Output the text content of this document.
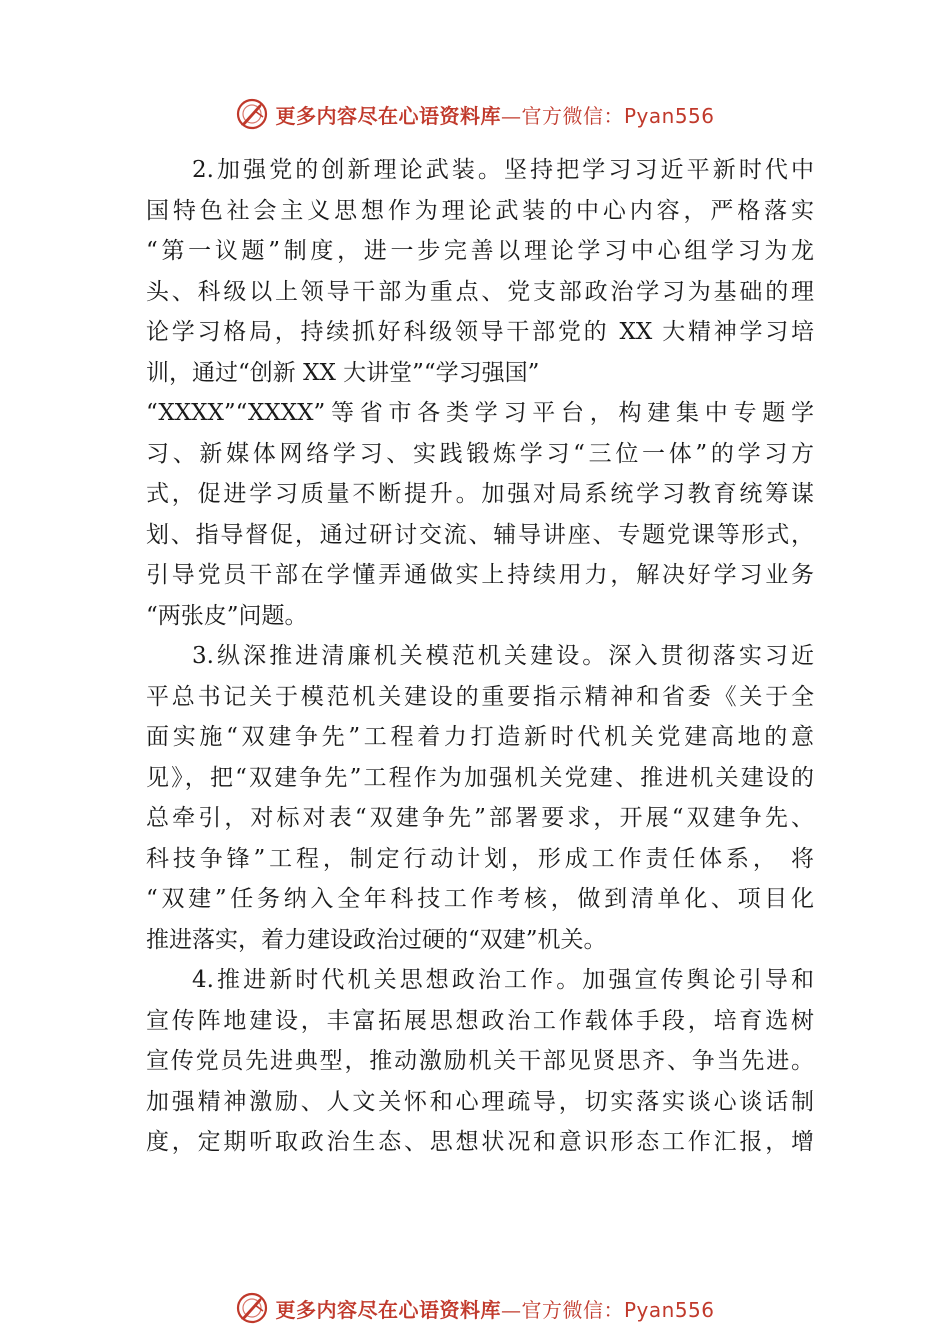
更多内容尽在心语资料库—官方微信：Pyan556
2.加强党的创新理论武装。坚持把学习习近平新时代中
国特色社会主义思想作为理论武装的中心内容，严格落实
“第一议题”制度，进一步完善以理论学习中心组学习为龙
头、科级以上领导干部为重点、党支部政治学习为基础的理
论学习格局，持续抓好科级领导干部党的 XX 大精神学习培
训，通过“创新 XX 大讲堂”“学习强国”
“XXXX”“XXXX”等省市各类学习平台，构建集中专题学
习、新媒体网络学习、实践锻炼学习“三位一体”的学习方
式，促进学习质量不断提升。加强对局系统学习教育统筹谋
划、指导督促，通过研讨交流、辅导讲座、专题党课等形式，
引导党员干部在学懂弄通做实上持续用力，解决好学习业务
“两张皮”问题。
3.纵深推进清廉机关模范机关建设。深入贯彻落实习近
平总书记关于模范机关建设的重要指示精神和省委《关于全
面实施“双建争先”工程着力打造新时代机关党建高地的意
见》，把“双建争先”工程作为加强机关党建、推进机关建设的
总牵引，对标对表“双建争先”部署要求，开展“双建争先、
科技争锋”工程，制定行动计划，形成工作责任体系， 将
“双建”任务纳入全年科技工作考核，做到清单化、项目化
推进落实，着力建设政治过硬的“双建”机关。
4.推进新时代机关思想政治工作。加强宣传舆论引导和
宣传阵地建设，丰富拓展思想政治工作载体手段，培育选树
宣传党员先进典型，推动激励机关干部见贤思齐、争当先进。
加强精神激励、人文关怀和心理疏导，切实落实谈心谈话制
度，定期听取政治生态、思想状况和意识形态工作汇报，增
更多内容尽在心语资料库—官方微信：Pyan556
